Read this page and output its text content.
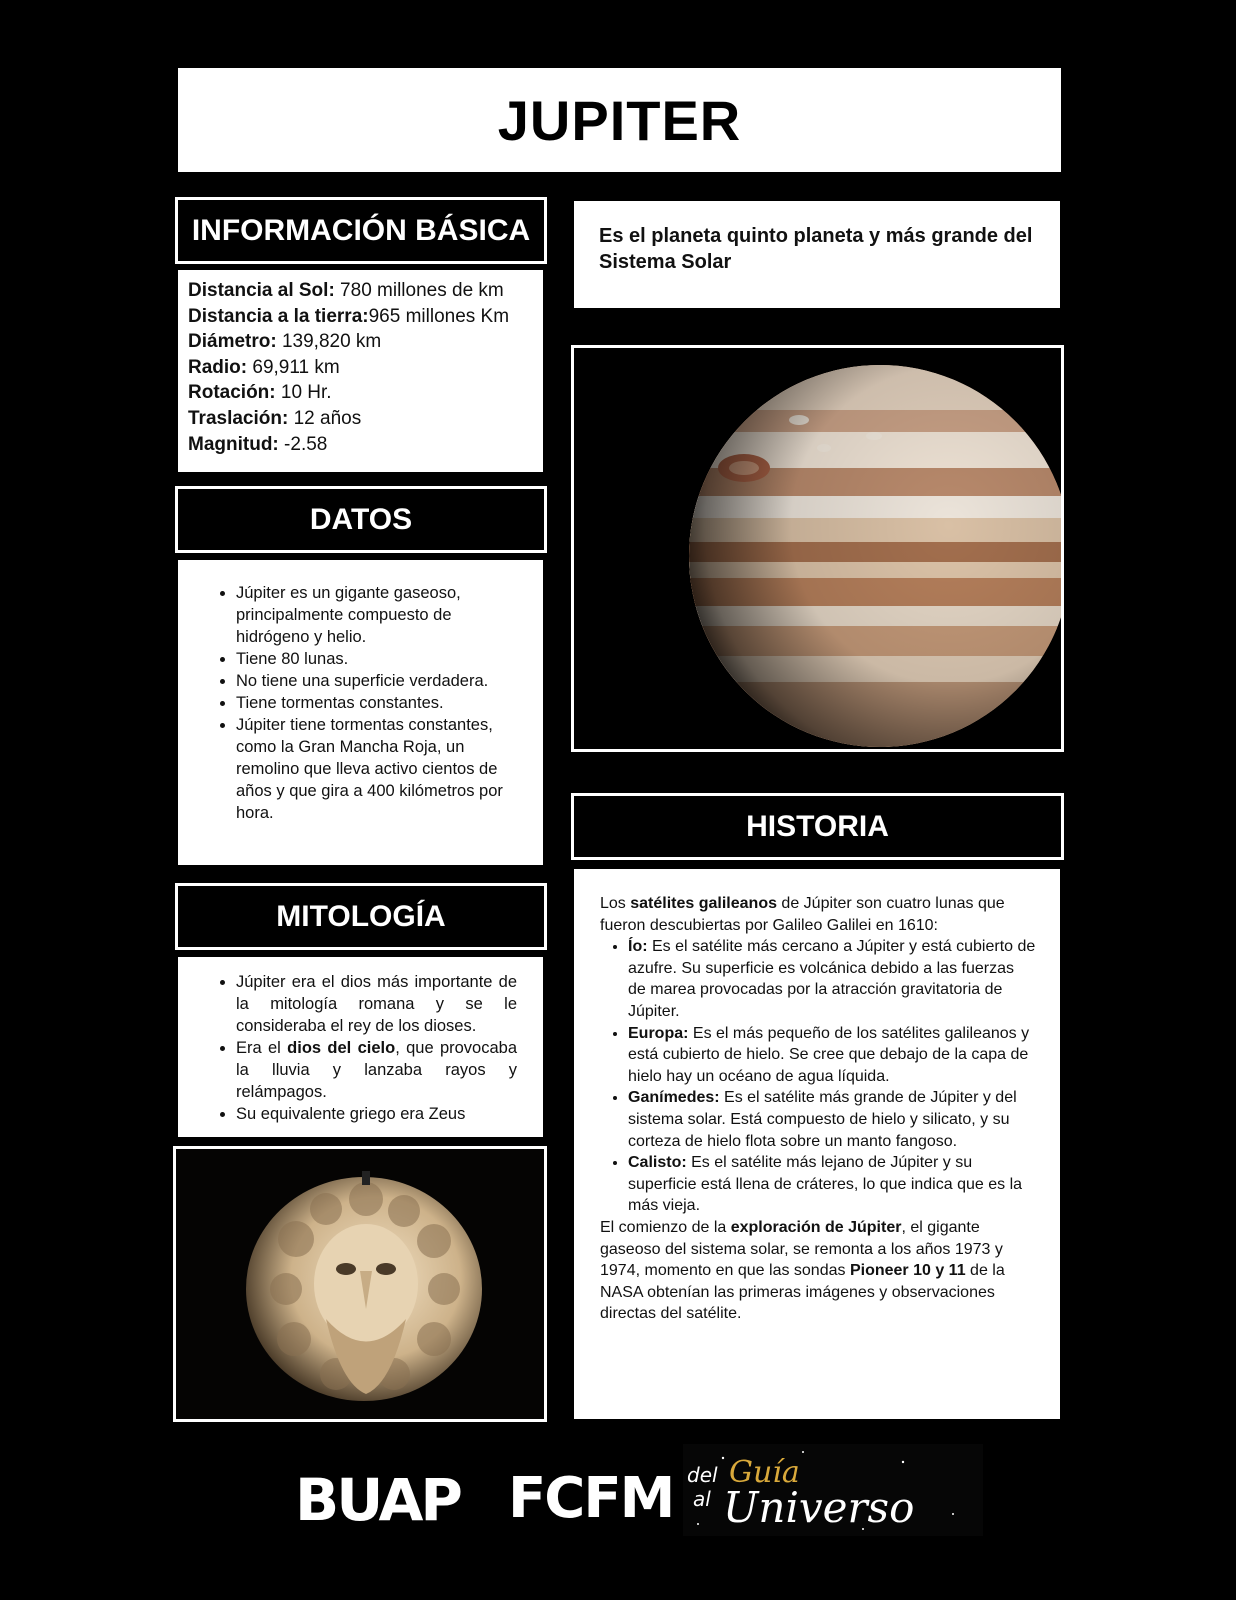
JUPITER
INFORMACIÓN BÁSICA
Distancia al Sol: 780 millones de km
Distancia a la tierra:965 millones Km
Diámetro: 139,820 km
Radio: 69,911 km
Rotación: 10 Hr.
Traslación: 12 años
Magnitud: -2.58
Es el planeta quinto planeta y más grande del Sistema Solar
DATOS
• Júpiter es un gigante gaseoso, principalmente compuesto de hidrógeno y helio.
• Tiene 80 lunas.
• No tiene una superficie verdadera.
• Tiene tormentas constantes.
• Júpiter tiene tormentas constantes, como la Gran Mancha Roja, un remolino que lleva activo cientos de años y que gira a 400 kilómetros por hora.	HISTORIA

Los satélites galileanos de Júpiter son cuatro lunas que fueron descubiertas por Galileo Galilei en 1610:

• Ío: Es el satélite más cercano a Júpiter y está cubierto de azufre. Su superficie es volcánica debido a las fuerzas de marea provocadas por la atracción gravitatoria de Júpiter.
• Europa: Es el más pequeño de los satélites galileanos y está cubierto de hielo. Se cree que debajo de la capa de hielo hay un océano de agua líquida.
• Ganímedes: Es el satélite más grande de Júpiter y del sistema solar. Está compuesto de hielo y silicato, y su corteza de hielo flota sobre un manto fangoso.
• Calisto: Es el satélite más lejano de Júpiter y su superficie está llena de cráteres, lo que indica que es la más vieja.

El comienzo de la exploración de Júpiter, el gigante gaseoso del sistema solar, se remonta a los años 1973 y 1974, momento en que las sondas Pioneer 10 y 11 de la NASA obtenían las primeras imágenes y observaciones directas del satélite.

MITOLOGÍA
• Júpiter era el dios más importante de la mitología romana y se le consideraba el rey de los dioses.
• Era el dios del cielo, que provocaba la lluvia y lanzaba rayos y relámpagos.
• Su equivalente griego era Zeus
BUAP FCFM del
al
Guía
Universo
